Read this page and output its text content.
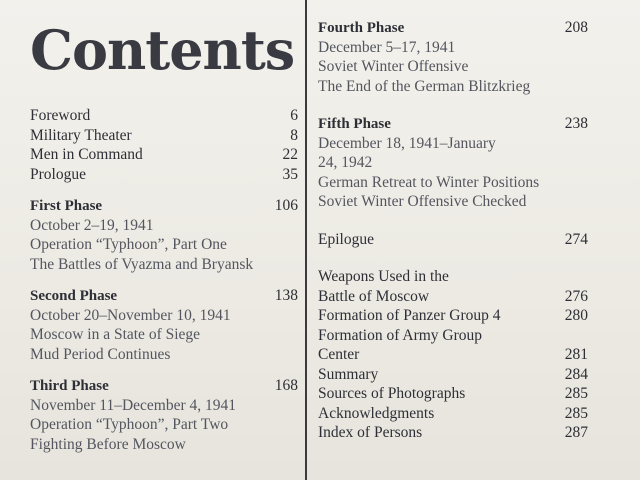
Contents
Foreword	6
Military Theater	8
Men in Command	22
Prologue	35
First Phase	106
October 2–19, 1941
Operation “Typhoon”, Part One
The Battles of Vyazma and Bryansk
Second Phase	138
October 20–November 10, 1941
Moscow in a State of Siege
Mud Period Continues
Third Phase	168
November 11–December 4, 1941
Operation “Typhoon”, Part Two
Fighting Before Moscow
Fourth Phase	208
December 5–17, 1941
Soviet Winter Offensive
The End of the German Blitzkrieg
Fifth Phase	238
December 18, 1941–January
24, 1942
German Retreat to Winter Positions
Soviet Winter Offensive Checked
Epilogue	274
Weapons Used in the
Battle of Moscow	276
Formation of Panzer Group 4	280
Formation of Army Group
Center	281
Summary	284
Sources of Photographs	285
Acknowledgments	285
Index of Persons	287
